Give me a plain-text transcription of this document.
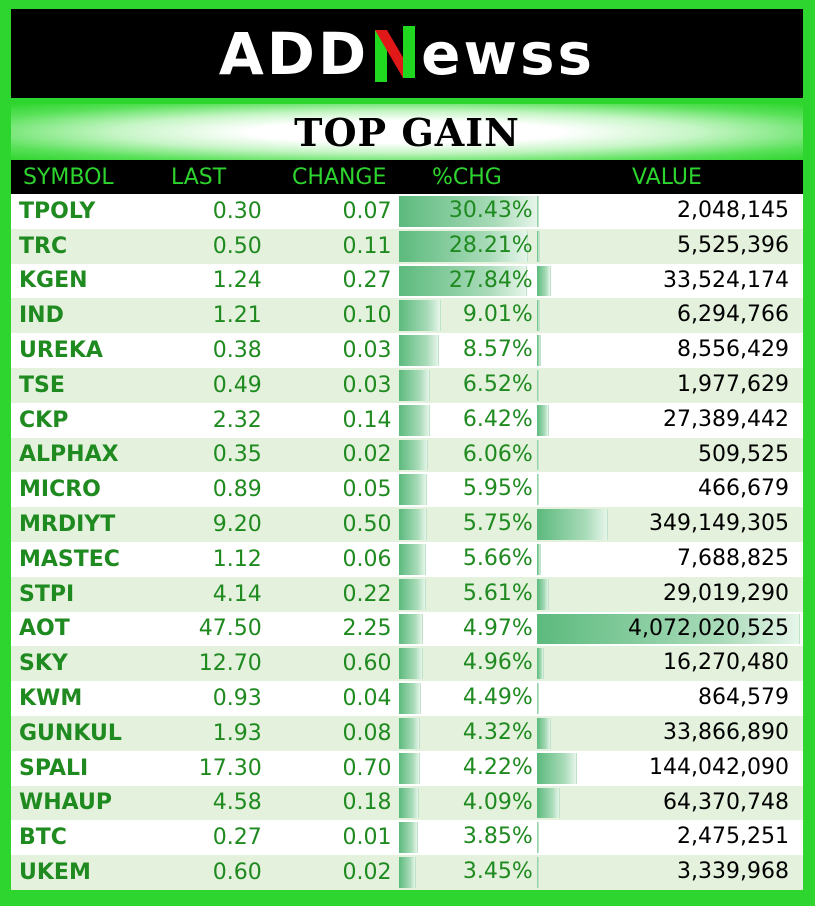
ADD ewss
TOP GAIN
SYMBOL	LAST	CHANGE	%CHG	VALUE
TPOLY	0.30	0.07	30.43%	2,048,145
TRC	0.50	0.11	28.21%	5,525,396
KGEN	1.24	0.27	27.84%	33,524,174
IND	1.21	0.10	9.01%	6,294,766
UREKA	0.38	0.03	8.57%	8,556,429
TSE	0.49	0.03	6.52%	1,977,629
CKP	2.32	0.14	6.42%	27,389,442
ALPHAX	0.35	0.02	6.06%	509,525
MICRO	0.89	0.05	5.95%	466,679
MRDIYT	9.20	0.50	5.75%	349,149,305
MASTEC	1.12	0.06	5.66%	7,688,825
STPI	4.14	0.22	5.61%	29,019,290
AOT	47.50	2.25	4.97%	4,072,020,525
SKY	12.70	0.60	4.96%	16,270,480
KWM	0.93	0.04	4.49%	864,579
GUNKUL	1.93	0.08	4.32%	33,866,890
SPALI	17.30	0.70	4.22%	144,042,090
WHAUP	4.58	0.18	4.09%	64,370,748
BTC	0.27	0.01	3.85%	2,475,251
UKEM	0.60	0.02	3.45%	3,339,968
